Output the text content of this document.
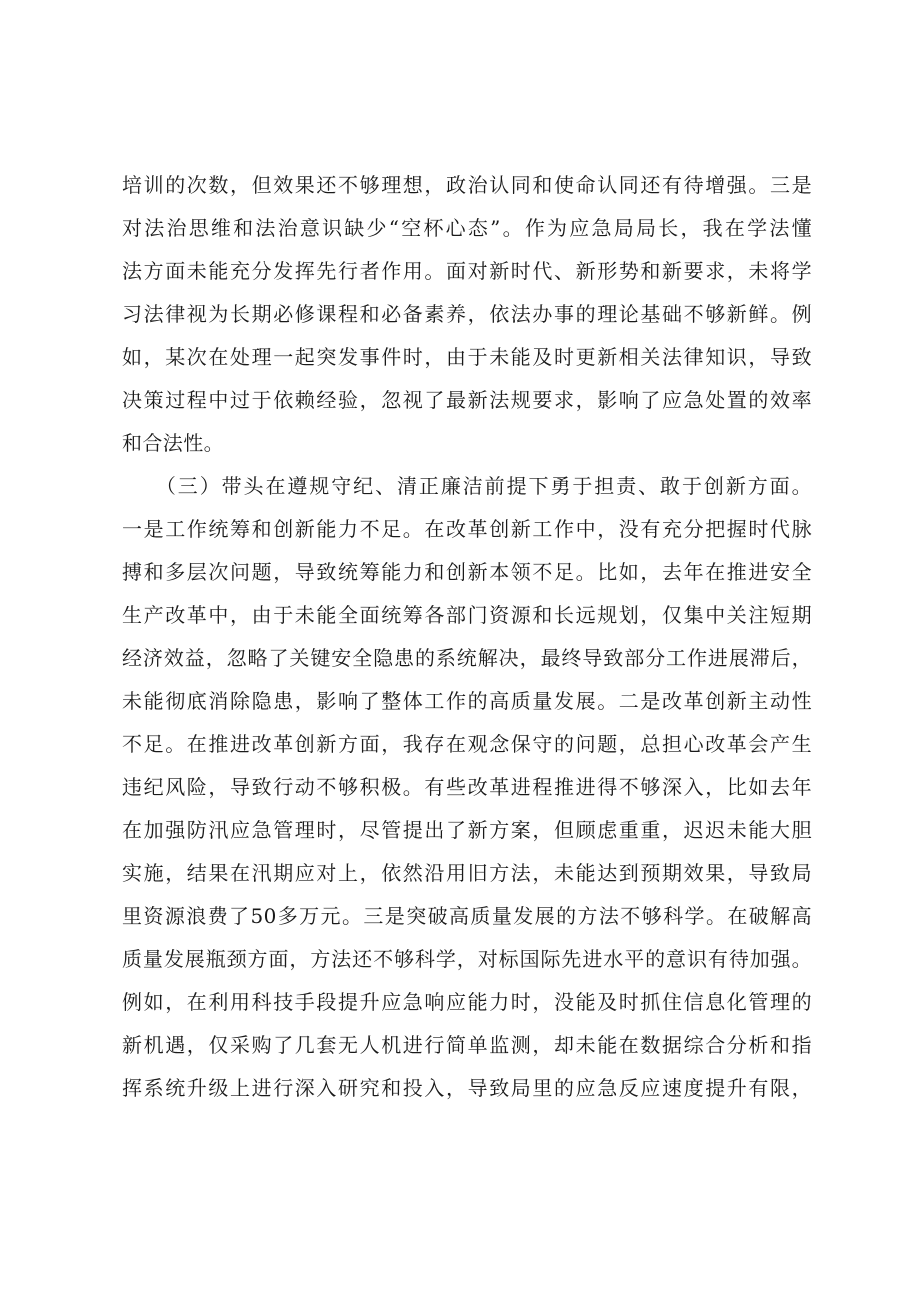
培训的次数，但效果还不够理想，政治认同和使命认同还有待增强。三是
对法治思维和法治意识缺少“空杯心态”。作为应急局局长，我在学法懂
法方面未能充分发挥先行者作用。面对新时代、新形势和新要求，未将学
习法律视为长期必修课程和必备素养，依法办事的理论基础不够新鲜。例
如，某次在处理一起突发事件时，由于未能及时更新相关法律知识，导致
决策过程中过于依赖经验，忽视了最新法规要求，影响了应急处置的效率
和合法性。
　　（三）带头在遵规守纪、清正廉洁前提下勇于担责、敢于创新方面。
一是工作统筹和创新能力不足。在改革创新工作中，没有充分把握时代脉
搏和多层次问题，导致统筹能力和创新本领不足。比如，去年在推进安全
生产改革中，由于未能全面统筹各部门资源和长远规划，仅集中关注短期
经济效益，忽略了关键安全隐患的系统解决，最终导致部分工作进展滞后，
未能彻底消除隐患，影响了整体工作的高质量发展。二是改革创新主动性
不足。在推进改革创新方面，我存在观念保守的问题，总担心改革会产生
违纪风险，导致行动不够积极。有些改革进程推进得不够深入，比如去年
在加强防汛应急管理时，尽管提出了新方案，但顾虑重重，迟迟未能大胆
实施，结果在汛期应对上，依然沿用旧方法，未能达到预期效果，导致局
里资源浪费了50多万元。三是突破高质量发展的方法不够科学。在破解高
质量发展瓶颈方面，方法还不够科学，对标国际先进水平的意识有待加强。
例如，在利用科技手段提升应急响应能力时，没能及时抓住信息化管理的
新机遇，仅采购了几套无人机进行简单监测，却未能在数据综合分析和指
挥系统升级上进行深入研究和投入，导致局里的应急反应速度提升有限，
